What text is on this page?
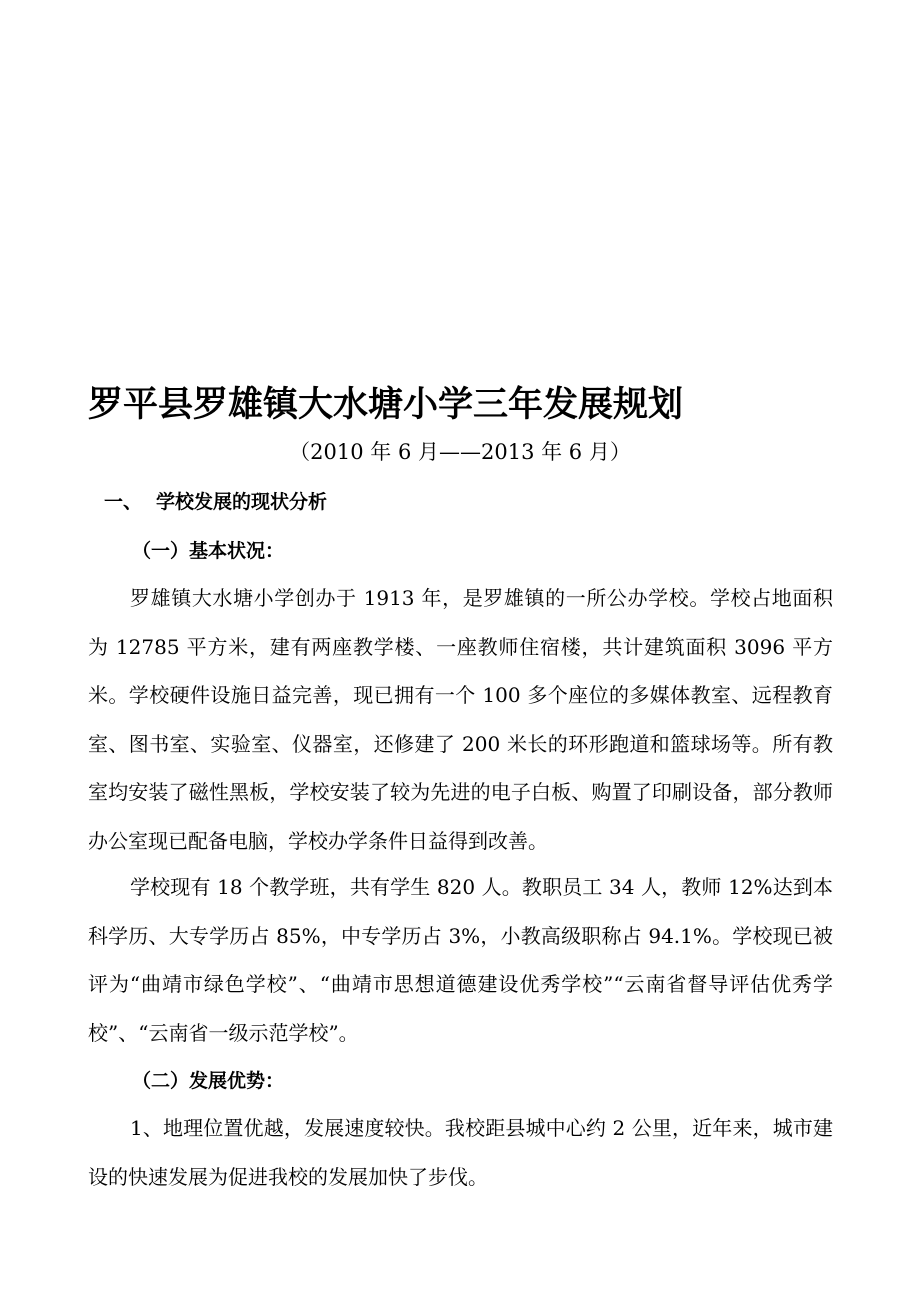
罗平县罗雄镇大水塘小学三年发展规划
（2010 年 6 月——2013 年 6 月）
一、 学校发展的现状分析
（一）基本状况：

罗雄镇大水塘小学创办于 1913 年，是罗雄镇的一所公办学校。学校占地面积为 12785 平方米，建有两座教学楼、一座教师住宿楼，共计建筑面积 3096 平方米。学校硬件设施日益完善，现已拥有一个 100 多个座位的多媒体教室、远程教育室、图书室、实验室、仪器室，还修建了 200 米长的环形跑道和篮球场等。所有教室均安装了磁性黑板，学校安装了较为先进的电子白板、购置了印刷设备，部分教师办公室现已配备电脑，学校办学条件日益得到改善。

学校现有 18 个教学班，共有学生 820 人。教职员工 34 人，教师 12%达到本科学历、大专学历占 85%，中专学历占 3%，小教高级职称占 94.1%。学校现已被评为“曲靖市绿色学校”、“曲靖市思想道德建设优秀学校”“云南省督导评估优秀学校”、“云南省一级示范学校”。

（二）发展优势：

1、地理位置优越，发展速度较快。我校距县城中心约 2 公里，近年来，城市建设的快速发展为促进我校的发展加快了步伐。
